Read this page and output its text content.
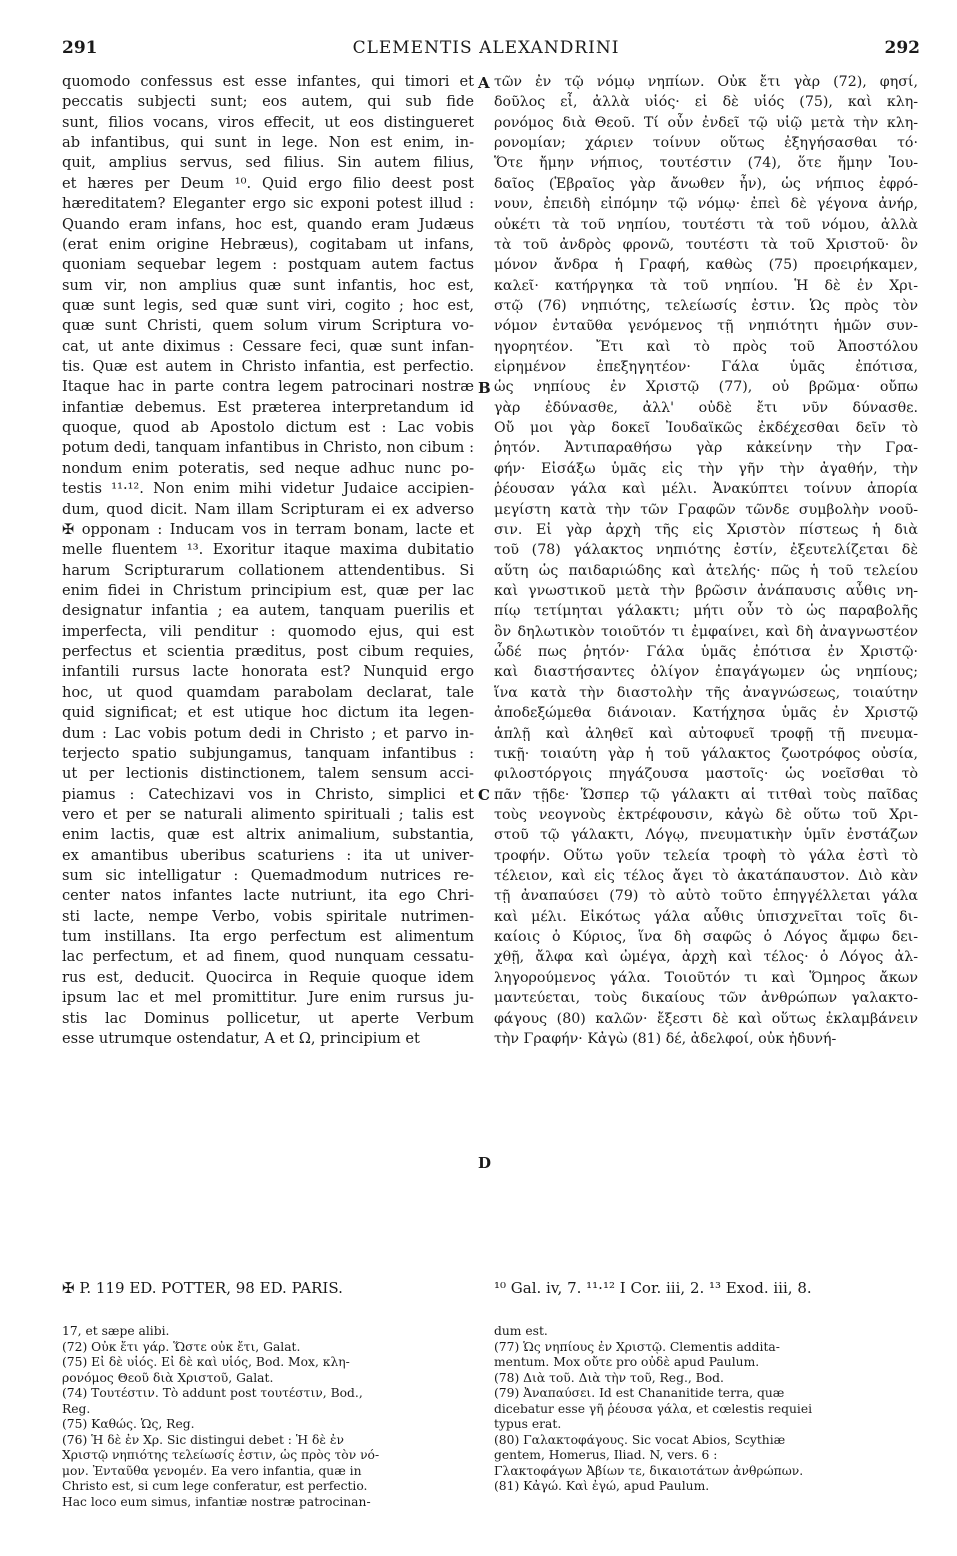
291	CLEMENTIS ALEXANDRINI	292
quomodo confessus est esse infantes, qui timori et
peccatis subjecti sunt; eos autem, qui sub fide
sunt, filios vocans, viros effecit, ut eos distingueret
ab infantibus, qui sunt in lege. Non est enim, in-
quit, amplius servus, sed filius. Sin autem filius,
et hæres per Deum ¹⁰. Quid ergo filio deest post
hæreditatem? Eleganter ergo sic exponi potest illud :
Quando eram infans, hoc est, quando eram Judæus
(erat enim origine Hebræus), cogitabam ut infans,
quoniam sequebar legem : postquam autem factus
sum vir, non amplius quæ sunt infantis, hoc est,
quæ sunt legis, sed quæ sunt viri, cogito ; hoc est,
quæ sunt Christi, quem solum virum Scriptura vo-
cat, ut ante diximus : Cessare feci, quæ sunt infan-
tis. Quæ est autem in Christo infantia, est perfectio.
Itaque hac in parte contra legem patrocinari nostræ
infantiæ debemus. Est præterea interpretandum id
quoque, quod ab Apostolo dictum est : Lac vobis
potum dedi, tanquam infantibus in Christo, non cibum :
nondum enim poteratis, sed neque adhuc nunc po-
testis ¹¹·¹². Non enim mihi videtur Judaice accipien-
dum, quod dicit. Nam illam Scripturam ei ex adverso
✠ opponam : Inducam vos in terram bonam, lacte et
melle fluentem ¹³. Exoritur itaque maxima dubitatio
harum Scripturarum collationem attendentibus. Si
enim fidei in Christum principium est, quæ per lac
designatur infantia ; ea autem, tanquam puerilis et
imperfecta, vili penditur : quomodo ejus, qui est
perfectus et scientia præditus, post cibum requies,
infantili rursus lacte honorata est? Nunquid ergo
hoc, ut quod quamdam parabolam declarat, tale
quid significat; et est utique hoc dictum ita legen-
dum : Lac vobis potum dedi in Christo ; et parvo in-
terjecto spatio subjungamus, tanquam infantibus :
ut per lectionis distinctionem, talem sensum acci-
piamus : Catechizavi vos in Christo, simplici et
vero et per se naturali alimento spirituali ; talis est
enim lactis, quæ est altrix animalium, substantia,
ex amantibus uberibus scaturiens : ita ut univer-
sum sic intelligatur : Quemadmodum nutrices re-
center natos infantes lacte nutriunt, ita ego Chri-
sti lacte, nempe Verbo, vobis spiritale nutrimen-
tum instillans. Ita ergo perfectum est alimentum
lac perfectum, et ad finem, quod nunquam cessatu-
rus est, deducit. Quocirca in Requie quoque idem
ipsum lac et mel promittitur. Jure enim rursus ju-
stis lac Dominus pollicetur, ut aperte Verbum
esse utrumque ostendatur, A et Ω, principium et
τῶν ἐν τῷ νόμῳ νηπίων. Οὐκ ἔτι γὰρ (72), φησί,
δοῦλος εἶ, ἀλλὰ υἱός· εἰ δὲ υἱός (75), καὶ κλη-
ρονόμος διὰ Θεοῦ. Τί οὖν ἐνδεῖ τῷ υἱῷ μετὰ τὴν κλη-
ρονομίαν; χάριεν τοίνυν οὕτως ἐξηγήσασθαι τό·
Ὅτε ἤμην νήπιος, τουτέστιν (74), ὅτε ἤμην Ἰου-
δαῖος (Ἑβραῖος γὰρ ἄνωθεν ἦν), ὡς νήπιος ἐφρό-
νουν, ἐπειδὴ εἰπόμην τῷ νόμῳ· ἐπεὶ δὲ γέγονα ἀνήρ,
οὐκέτι τὰ τοῦ νηπίου, τουτέστι τὰ τοῦ νόμου, ἀλλὰ
τὰ τοῦ ἀνδρὸς φρονῶ, τουτέστι τὰ τοῦ Χριστοῦ· ὃν
μόνον ἄνδρα ἡ Γραφή, καθὼς (75) προειρήκαμεν,
καλεῖ· κατήργηκα τὰ τοῦ νηπίου. Ἡ δὲ ἐν Χρι-
στῷ (76) νηπιότης, τελείωσίς ἐστιν. Ὡς πρὸς τὸν
νόμον ἐνταῦθα γενόμενος τῇ νηπιότητι ἡμῶν συν-
ηγορητέον. Ἔτι καὶ τὸ πρὸς τοῦ Ἀποστόλου
εἰρημένον ἐπεξηγητέον· Γάλα ὑμᾶς ἐπότισα,
ὡς νηπίους ἐν Χριστῷ (77), οὐ βρῶμα· οὔπω
γὰρ ἐδύνασθε, ἀλλ' οὐδὲ ἔτι νῦν δύνασθε.
Οὔ μοι γὰρ δοκεῖ Ἰουδαϊκῶς ἐκδέχεσθαι δεῖν τὸ
ῥητόν. Ἀντιπαραθήσω γὰρ κἀκείνην τὴν Γρα-
φήν· Εἰσάξω ὑμᾶς εἰς τὴν γῆν τὴν ἀγαθήν, τὴν
ῥέουσαν γάλα καὶ μέλι. Ἀνακύπτει τοίνυν ἀπορία
μεγίστη κατὰ τὴν τῶν Γραφῶν τῶνδε συμβολὴν νοοῦ-
σιν. Εἰ γὰρ ἀρχὴ τῆς εἰς Χριστὸν πίστεως ἡ διὰ
τοῦ (78) γάλακτος νηπιότης ἐστίν, ἐξευτελίζεται δὲ
αὕτη ὡς παιδαριώδης καὶ ἀτελής· πῶς ἡ τοῦ τελείου
καὶ γνωστικοῦ μετὰ τὴν βρῶσιν ἀνάπαυσις αὖθις νη-
πίῳ τετίμηται γάλακτι; μήτι οὖν τὸ ὡς παραβολῆς
ὂν δηλωτικὸν τοιοῦτόν τι ἐμφαίνει, καὶ δὴ ἀναγνωστέον
ὧδέ πως ῥητόν· Γάλα ὑμᾶς ἐπότισα ἐν Χριστῷ·
καὶ διαστήσαντες ὀλίγον ἐπαγάγωμεν ὡς νηπίους;
ἵνα κατὰ τὴν διαστολὴν τῆς ἀναγνώσεως, τοιαύτην
ἀποδεξώμεθα διάνοιαν. Κατήχησα ὑμᾶς ἐν Χριστῷ
ἁπλῇ καὶ ἀληθεῖ καὶ αὐτοφυεῖ τροφῇ τῇ πνευμα-
τικῇ· τοιαύτη γὰρ ἡ τοῦ γάλακτος ζωοτρόφος οὐσία,
φιλοστόργοις πηγάζουσα μαστοῖς· ὡς νοεῖσθαι τὸ
πᾶν τῇδε· Ὥσπερ τῷ γάλακτι αἱ τιτθαὶ τοὺς παῖδας
τοὺς νεογνοὺς ἐκτρέφουσιν, κἀγὼ δὲ οὕτω τοῦ Χρι-
στοῦ τῷ γάλακτι, Λόγῳ, πνευματικὴν ὑμῖν ἐνστάζων
τροφήν. Οὕτω γοῦν τελεία τροφὴ τὸ γάλα ἐστὶ τὸ
τέλειον, καὶ εἰς τέλος ἄγει τὸ ἀκατάπαυστον. Διὸ κὰν
τῇ ἀναπαύσει (79) τὸ αὐτὸ τοῦτο ἐπηγγέλλεται γάλα
καὶ μέλι. Εἰκότως γάλα αὖθις ὑπισχνεῖται τοῖς δι-
καίοις ὁ Κύριος, ἵνα δὴ σαφῶς ὁ Λόγος ἄμφω δει-
χθῇ, ἄλφα καὶ ὠμέγα, ἀρχὴ καὶ τέλος· ὁ Λόγος ἀλ-
ληγορούμενος γάλα. Τοιοῦτόν τι καὶ Ὅμηρος ἄκων
μαντεύεται, τοὺς δικαίους τῶν ἀνθρώπων γαλακτο-
φάγους (80) καλῶν· ἔξεστι δὲ καὶ οὕτως ἐκλαμβάνειν
τὴν Γραφήν· Κἀγὼ (81) δέ, ἀδελφοί, οὐκ ἠδυνή-
A
B
C
D
✠ P. 119 ED. POTTER, 98 ED. PARIS.	¹⁰ Gal. iv, 7. ¹¹·¹² I Cor. iii, 2. ¹³ Exod. iii, 8.
17, et sæpe alibi.
(72) Οὐκ ἔτι γάρ. Ὥστε οὐκ ἔτι, Galat.
(75) Εἰ δὲ υἱός. Εἰ δὲ καὶ υἱός, Bod. Mox, κλη-
ρονόμος Θεοῦ διὰ Χριστοῦ, Galat.
(74) Τουτέστιν. Τὸ addunt post τουτέστιν, Bod.,
Reg.
(75) Καθώς. Ὡς, Reg.
(76) Ἡ δὲ ἐν Χρ. Sic distingui debet : Ἡ δὲ ἐν
Χριστῷ νηπιότης τελείωσίς ἐστιν, ὡς πρὸς τὸν νό-
μον. Ἐνταῦθα γενομέν. Ea vero infantia, quæ in
Christo est, si cum lege conferatur, est perfectio.
Hac loco eum simus, infantiæ nostræ patrocinan-
dum est.
(77) Ὡς νηπίους ἐν Χριστῷ. Clementis addita-
mentum. Mox οὔτε pro οὐδὲ apud Paulum.
(78) Διὰ τοῦ. Διὰ τὴν τοῦ, Reg., Bod.
(79) Ἀναπαύσει. Id est Chananitide terra, quæ
dicebatur esse γῆ ῥέουσα γάλα, et cœlestis requiei
typus erat.
(80) Γαλακτοφάγους. Sic vocat Abios, Scythiæ
gentem, Homerus, Iliad. N, vers. 6 :
Γλακτοφάγων Ἀβίων τε, δικαιοτάτων ἀνθρώπων.
(81) Κἀγώ. Καὶ ἐγώ, apud Paulum.
